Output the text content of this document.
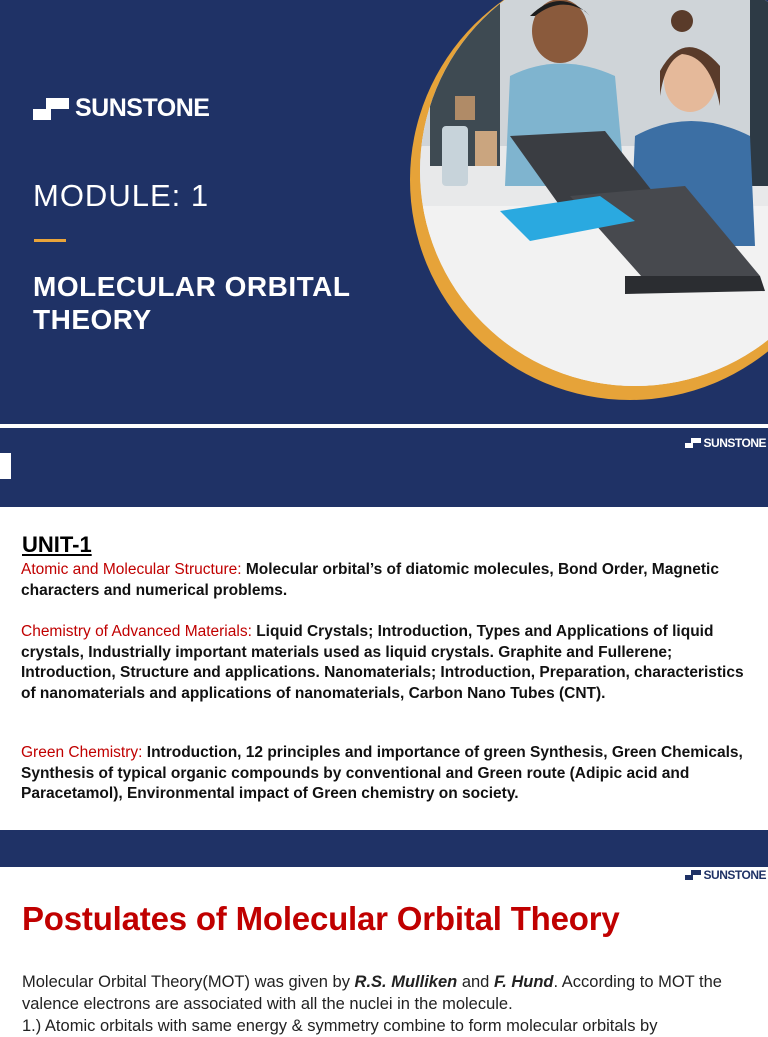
SUNSTONE
MODULE: 1
MOLECULAR ORBITAL THEORY
SUNSTONE
UNIT-1
Atomic and Molecular Structure: Molecular orbital’s of diatomic molecules, Bond Order, Magnetic characters and numerical problems.
Chemistry of Advanced Materials: Liquid Crystals; Introduction, Types and Applications of liquid crystals, Industrially important materials used as liquid crystals. Graphite and Fullerene; Introduction, Structure and applications. Nanomaterials; Introduction, Preparation, characteristics of nanomaterials and applications of nanomaterials, Carbon Nano Tubes (CNT).
Green Chemistry: Introduction, 12 principles and importance of green Synthesis, Green Chemicals, Synthesis of typical organic compounds by conventional and Green route (Adipic acid and Paracetamol), Environmental impact of Green chemistry on society.
SUNSTONE
Postulates of Molecular Orbital Theory
Molecular Orbital Theory(MOT) was given by R.S. Mulliken and F. Hund. According to MOT the valence electrons are associated with all the nuclei in the molecule.
1.) Atomic orbitals with same energy & symmetry combine to form molecular orbitals by
